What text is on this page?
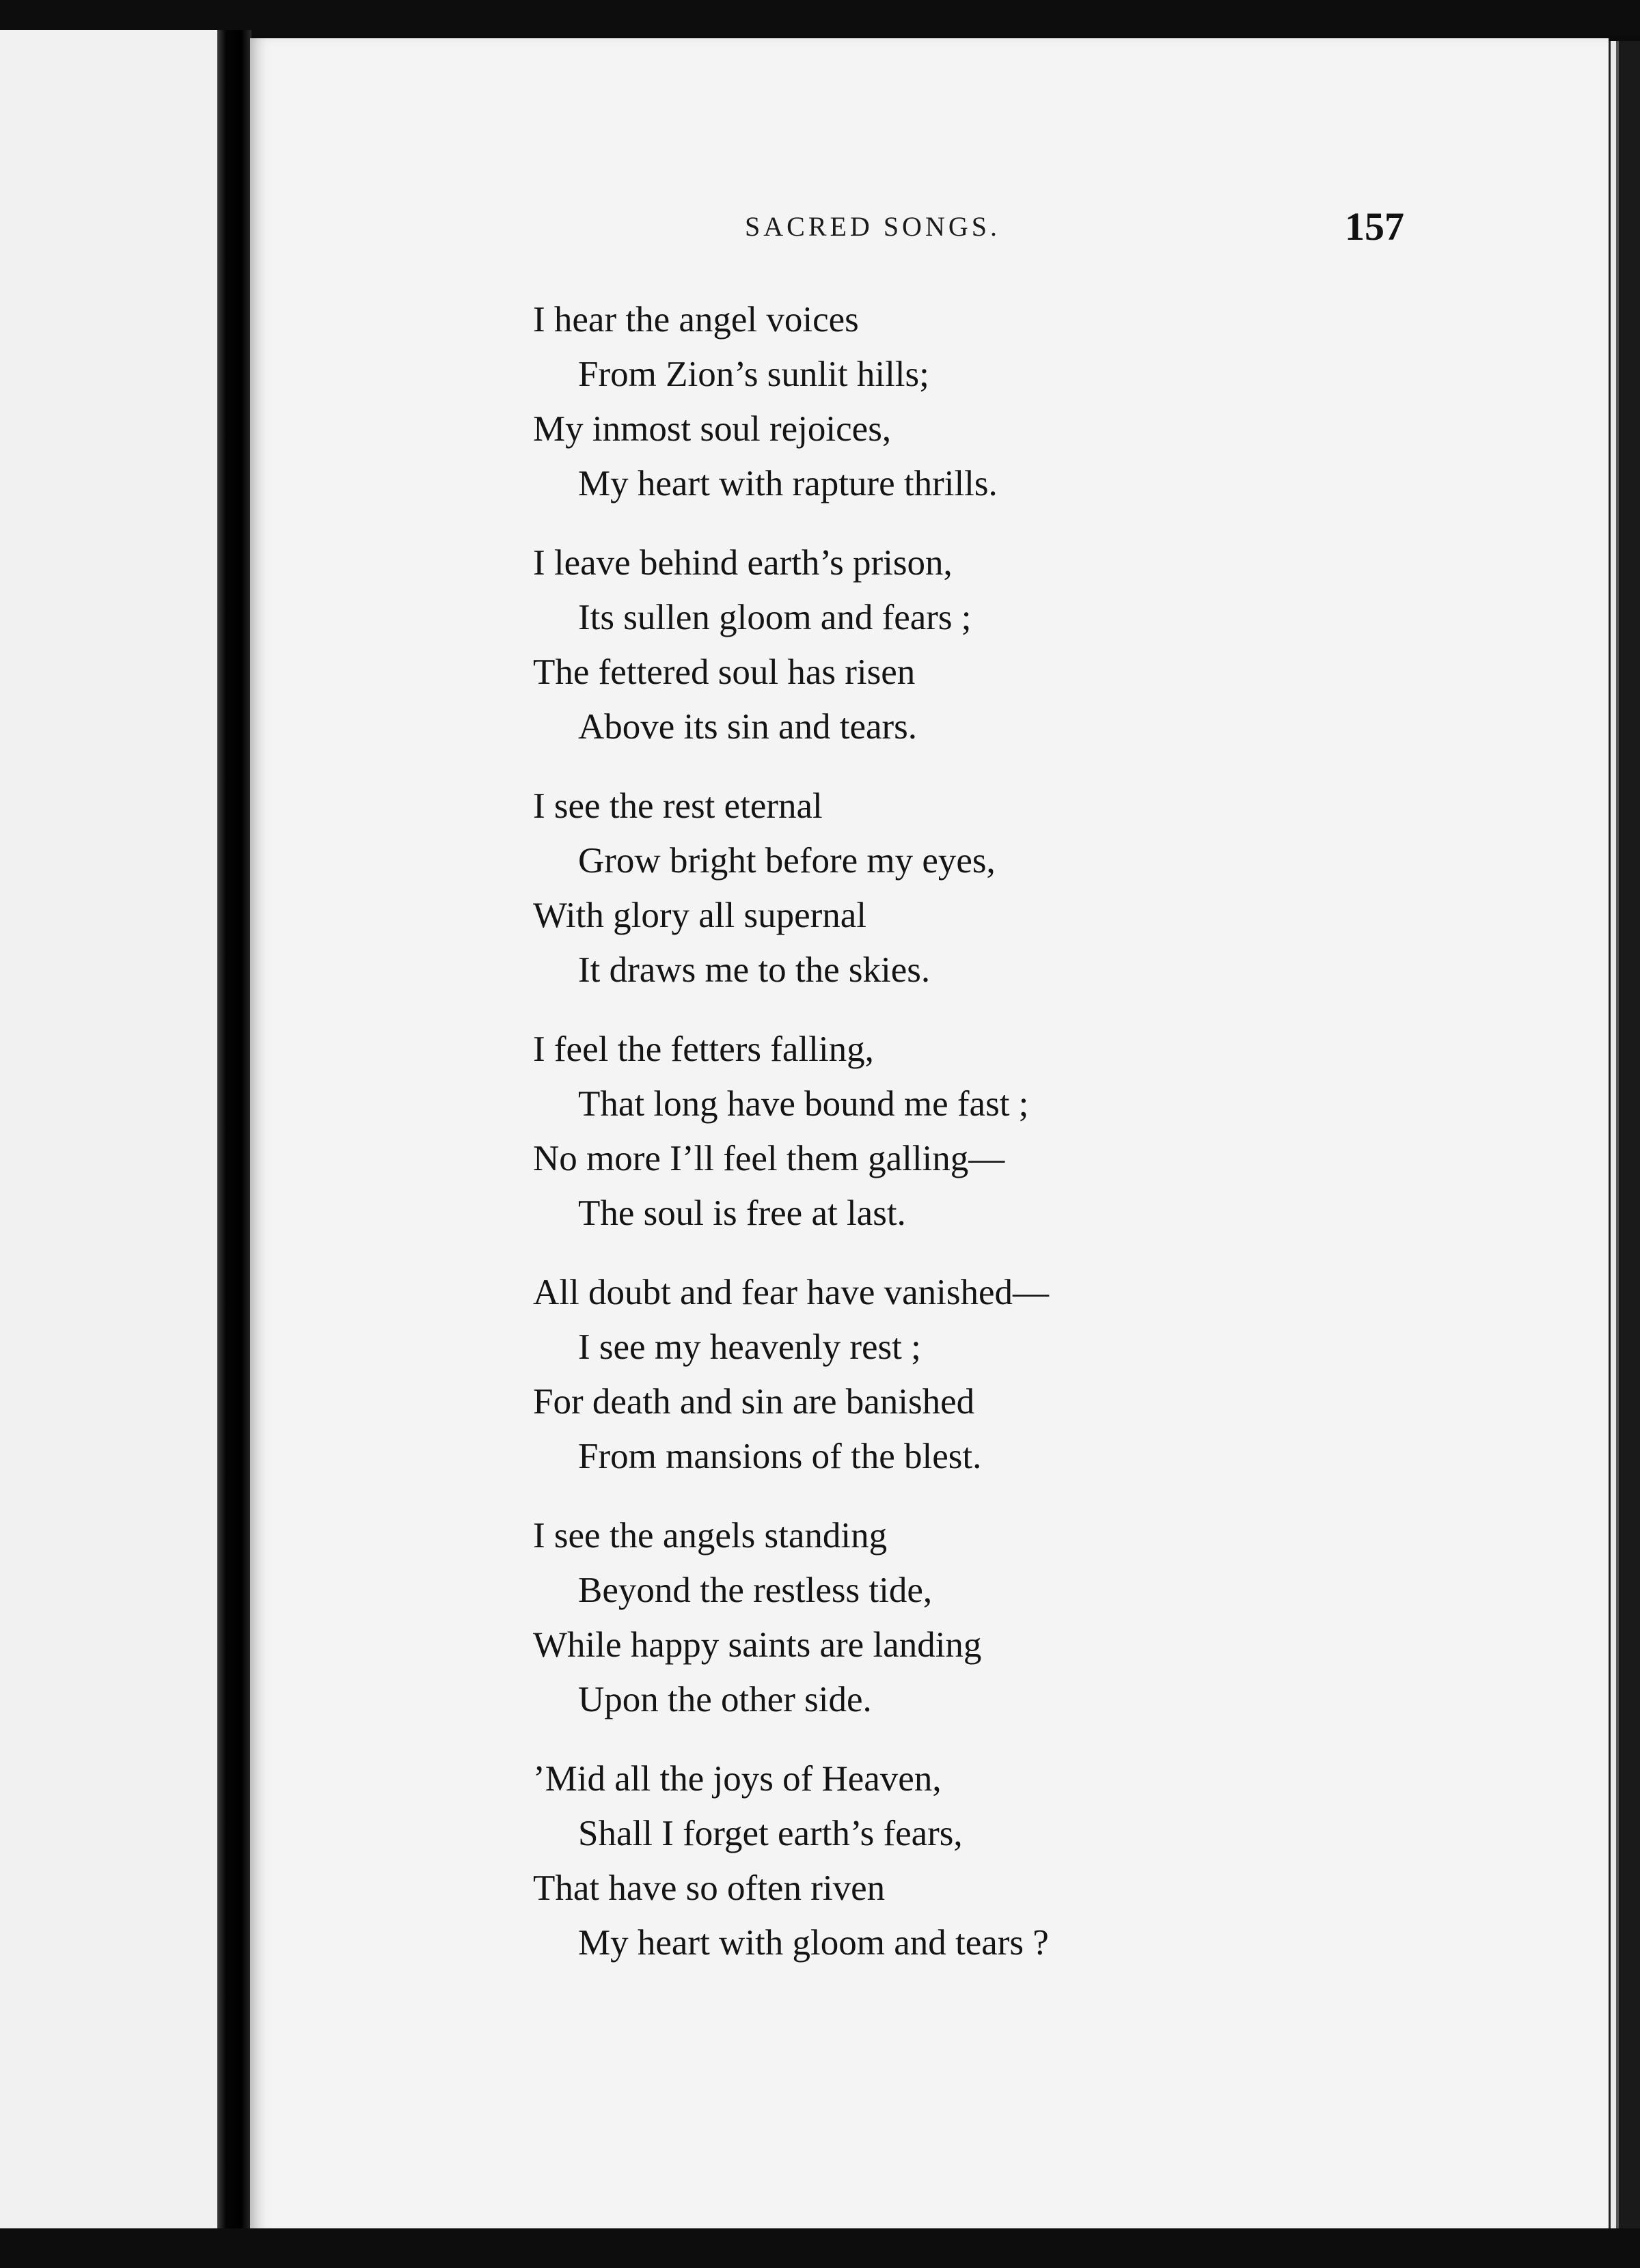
SACRED SONGS.	157
I hear the angel voices
From Zion’s sunlit hills;
My inmost soul rejoices,
My heart with rapture thrills.
I leave behind earth’s prison,
Its sullen gloom and fears ;
The fettered soul has risen
Above its sin and tears.
I see the rest eternal
Grow bright before my eyes,
With glory all supernal
It draws me to the skies.
I feel the fetters falling,
That long have bound me fast ;
No more I’ll feel them galling—
The soul is free at last.
All doubt and fear have vanished—
I see my heavenly rest ;
For death and sin are banished
From mansions of the blest.
I see the angels standing
Beyond the restless tide,
While happy saints are landing
Upon the other side.
’Mid all the joys of Heaven,
Shall I forget earth’s fears,
That have so often riven
My heart with gloom and tears ?
